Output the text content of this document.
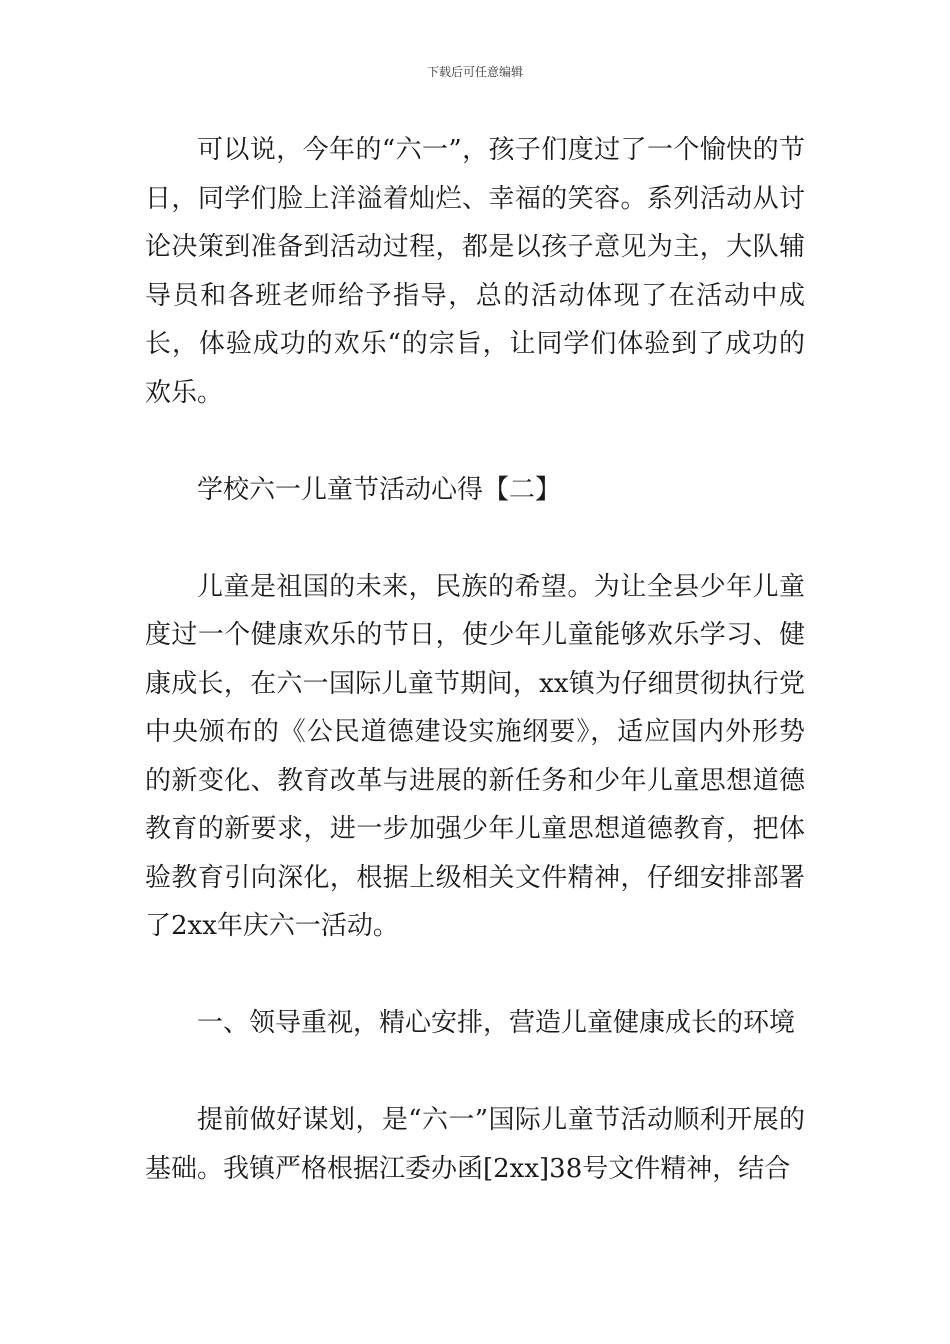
下载后可任意编辑

可以说，今年的“六一”，孩子们度过了一个愉快的节日，同学们脸上洋溢着灿烂、幸福的笑容。系列活动从讨论决策到准备到活动过程，都是以孩子意见为主，大队辅导员和各班老师给予指导，总的活动体现了在活动中成长，体验成功的欢乐“的宗旨，让同学们体验到了成功的欢乐。

学校六一儿童节活动心得【二】

儿童是祖国的未来，民族的希望。为让全县少年儿童度过一个健康欢乐的节日，使少年儿童能够欢乐学习、健康成长，在六一国际儿童节期间，xx镇为仔细贯彻执行党中央颁布的《公民道德建设实施纲要》，适应国内外形势的新变化、教育改革与进展的新任务和少年儿童思想道德教育的新要求，进一步加强少年儿童思想道德教育，把体验教育引向深化，根据上级相关文件精神，仔细安排部署了2xx年庆六一活动。

一、领导重视，精心安排，营造儿童健康成长的环境

提前做好谋划，是“六一”国际儿童节活动顺利开展的基础。我镇严格根据江委办函[2xx]38号文件精神，结合
